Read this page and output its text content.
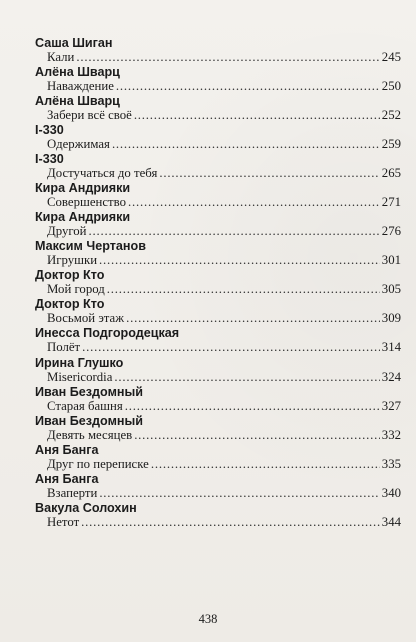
Саша Шиган
Кали . . .	245
Алёна Шварц
Наваждение . . .	250
Алёна Шварц
Забери всё своё . . .	252
I-330
Одержимая . . .	259
I-330
Достучаться до тебя . . .	265
Кира Андрияки
Совершенство . . .	271
Кира Андрияки
Другой . . .	276
Максим Чертанов
Игрушки . . .	301
Доктор Кто
Мой город . . .	305
Доктор Кто
Восьмой этаж . . .	309
Инесса Подгородецкая
Полёт . . .	314
Ирина Глушко
Misericordia . . .	324
Иван Бездомный
Старая башня . . .	327
Иван Бездомный
Девять месяцев . . .	332
Аня Банга
Друг по переписке . . .	335
Аня Банга
Взаперти . . .	340
Вакула Солохин
Нетот . . .	344
438
